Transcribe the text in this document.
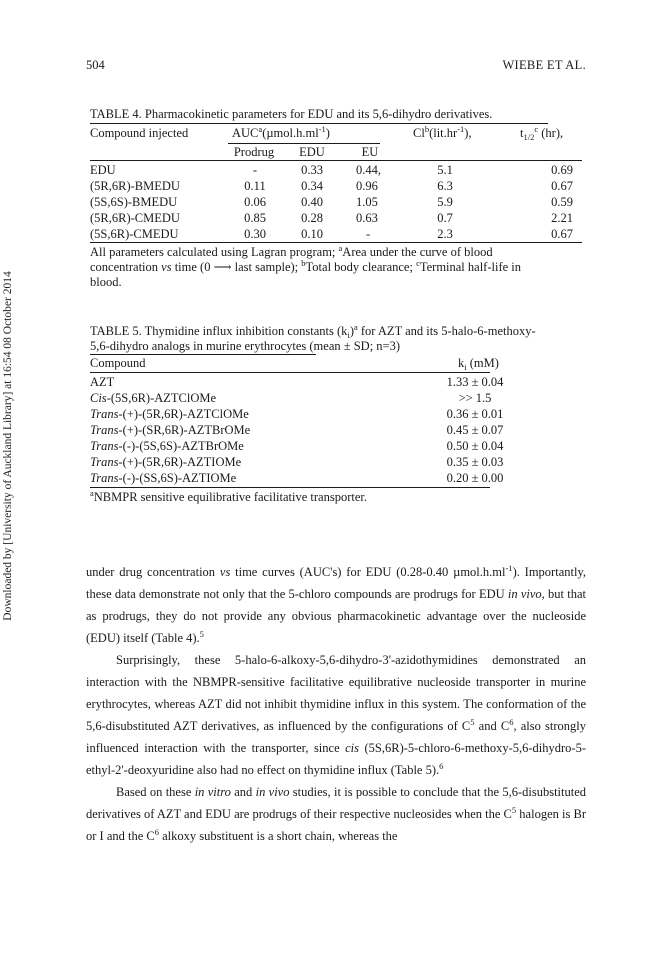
504	WIEBE ET AL.
Downloaded by [University of Auckland Library] at 16:54 08 October 2014
TABLE 4. Pharmacokinetic parameters for EDU and its 5,6-dihydro derivatives.
Compound injected	$AUC^a(\mu mol.h.ml^{-1})$	$Cl^b(lit.hr^{-1})$,	$t_{1/2}^c$ (hr),
Prodrug EDU	EU
EDU	-	0.33	0.44,	5.1	0.69
(5R,6R)-BMEDU	0.11	0.34	0.96	6.3	0.67
(5S,6S)-BMEDU	0.06	0.40	1.05	5.9	0.59
(5R,6R)-CMEDU	0.85	0.28	0.63	0.7	2.21
(5S,6R)-CMEDU	0.30	0.10	-	2.3	0.67
All parameters calculated using Lagran program; $^a$Area under the curve of blood
concentration vs time (0 ⟶ last sample); $^b$Total body clearance; $^c$Terminal half-life in
blood.
TABLE 5. Thymidine influx inhibition constants $(k_i)^a$ for AZT and its 5-halo-6-methoxy-
5,6-dihydro analogs in murine erythrocytes (mean ± SD; n=3)
Compound	$k_i$ (mM)
AZT	1.33 ± 0.04
Cis-(5S,6R)-AZTClOMe	>> 1.5
Trans-(+)-(5R,6R)-AZTClOMe	0.36 ± 0.01
Trans-(+)-(SR,6R)-AZTBrOMe	0.45 ± 0.07
Trans-(-)-(5S,6S)-AZTBrOMe	0.50 ± 0.04
Trans-(+)-(5R,6R)-AZTIOMe	0.35 ± 0.03
Trans-(-)-(SS,6S)-AZTIOMe	0.20 ± 0.00
$^a$NBMPR sensitive equilibrative facilitative transporter.

under drug concentration vs time curves (AUC's) for EDU (0.28-0.40 $\mu mol.h.ml^{-1}$). Importantly, these data demonstrate not only that the 5-chloro compounds are prodrugs for EDU in vivo, but that as prodrugs, they do not provide any obvious pharmacokinetic advantage over the nucleoside (EDU) itself (Table 4).$^5$

Surprisingly, these 5-halo-6-alkoxy-5,6-dihydro-3'-azidothymidines demonstrated an interaction with the NBMPR-sensitive facilitative equilibrative nucleoside transporter in murine erythrocytes, whereas AZT did not inhibit thymidine influx in this system. The conformation of the 5,6-disubstituted AZT derivatives, as influenced by the configurations of $C^5$ and $C^6$, also strongly influenced interaction with the transporter, since cis (5S,6R)-5-chloro-6-methoxy-5,6-dihydro-5-ethyl-2'-deoxyuridine also had no effect on thymidine influx (Table 5).$^6$

Based on these in vitro and in vivo studies, it is possible to conclude that the 5,6-disubstituted derivatives of AZT and EDU are prodrugs of their respective nucleosides when the $C^5$ halogen is Br or I and the $C^6$ alkoxy substituent is a short chain, whereas the
